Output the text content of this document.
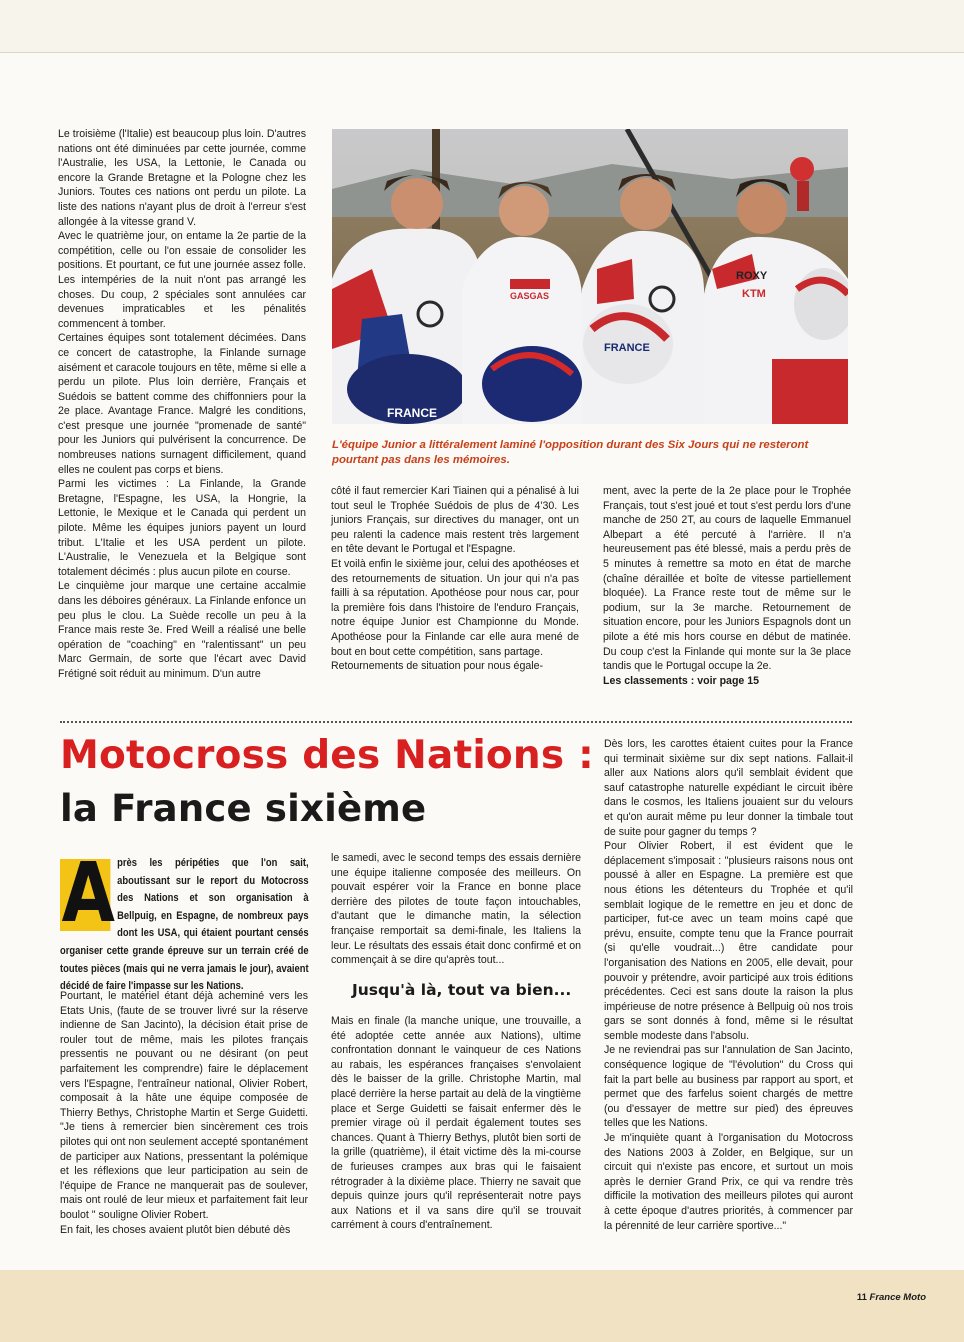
Le troisième (l'Italie) est beaucoup plus loin. D'autres nations ont été diminuées par cette journée, comme l'Australie, les USA, la Lettonie, le Canada ou encore la Grande Bretagne et la Pologne chez les Juniors. Toutes ces nations ont perdu un pilote. La liste des nations n'ayant plus de droit à l'erreur s'est allongée à la vitesse grand V.

Avec le quatrième jour, on entame la 2e partie de la compétition, celle ou l'on essaie de consolider les positions. Et pourtant, ce fut une journée assez folle. Les intempéries de la nuit n'ont pas arrangé les choses. Du coup, 2 spéciales sont annulées car devenues impraticables et les pénalités commencent à tomber.

Certaines équipes sont totalement décimées. Dans ce concert de catastrophe, la Finlande surnage aisément et caracole toujours en tête, même si elle a perdu un pilote. Plus loin derrière, Français et Suédois se battent comme des chiffonniers pour la 2e place. Avantage France. Malgré les conditions, c'est presque une journée "promenade de santé" pour les Juniors qui pulvérisent la concurrence. De nombreuses nations surnagent difficilement, quand elles ne coulent pas corps et biens.

Parmi les victimes : La Finlande, la Grande Bretagne, l'Espagne, les USA, la Hongrie, la Lettonie, le Mexique et le Canada qui perdent un pilote. Même les équipes juniors payent un lourd tribut. L'Italie et les USA perdent un pilote. L'Australie, le Venezuela et la Belgique sont totalement décimés : plus aucun pilote en course.

Le cinquième jour marque une certaine accalmie dans les déboires généraux. La Finlande enfonce un peu plus le clou. La Suède recolle un peu à la France mais reste 3e. Fred Weill a réalisé une belle opération de "coaching" en "ralentissant" un peu Marc Germain, de sorte que l'écart avec David Frétigné soit réduit au minimum. D'un autre

FRANCE
GASGAS
FRANCE
ROXY
KTM
L'équipe Junior a littéralement laminé l'opposition durant des Six Jours qui ne resteront pourtant pas dans les mémoires.

côté il faut remercier Kari Tiainen qui a pénalisé à lui tout seul le Trophée Suédois de plus de 4'30. Les juniors Français, sur directives du manager, ont un peu ralenti la cadence mais restent très largement en tête devant le Portugal et l'Espagne.

Et voilà enfin le sixième jour, celui des apothéoses et des retournements de situation. Un jour qui n'a pas failli à sa réputation. Apothéose pour nous car, pour la première fois dans l'histoire de l'enduro Français, notre équipe Junior est Championne du Monde. Apothéose pour la Finlande car elle aura mené de bout en bout cette compétition, sans partage.

Retournements de situation pour nous égale-

ment, avec la perte de la 2e place pour le Trophée Français, tout s'est joué et tout s'est perdu lors d'une manche de 250 2T, au cours de laquelle Emmanuel Albepart a été percuté à l'arrière. Il n'a heureusement pas été blessé, mais a perdu près de 5 minutes à remettre sa moto en état de marche (chaîne déraillée et boîte de vitesse partiellement bloquée). La France reste tout de même sur le podium, sur la 3e marche. Retournement de situation encore, pour les Juniors Espagnols dont un pilote a été mis hors course en début de matinée. Du coup c'est la Finlande qui monte sur la 3e place tandis que le Portugal occupe la 2e.

Les classements : voir page 15

Motocross des Nations :
la France sixième
A près les péripéties que l'on sait, aboutissant sur le report du Motocross des Nations et son organisation à Bellpuig, en Espagne, de nombreux pays dont les USA, qui étaient pourtant censés organiser cette grande épreuve sur un terrain créé de toutes pièces (mais qui ne verra jamais le jour), avaient décidé de faire l'impasse sur les Nations.

Pourtant, le matériel étant déjà acheminé vers les Etats Unis, (faute de se trouver livré sur la réserve indienne de San Jacinto), la décision était prise de rouler tout de même, mais les pilotes français pressentis ne pouvant ou ne désirant (on peut parfaitement les comprendre) faire le déplacement vers l'Espagne, l'entraîneur national, Olivier Robert, composait à la hâte une équipe composée de Thierry Bethys, Christophe Martin et Serge Guidetti. "Je tiens à remercier bien sincèrement ces trois pilotes qui ont non seulement accepté spontanément de participer aux Nations, pressentant la polémique et les réflexions que leur participation au sein de l'équipe de France ne manquerait pas de soulever, mais ont roulé de leur mieux et parfaitement fait leur boulot " souligne Olivier Robert.

En fait, les choses avaient plutôt bien débuté dès

le samedi, avec le second temps des essais dernière une équipe italienne composée des meilleurs. On pouvait espérer voir la France en bonne place derrière des pilotes de toute façon intouchables, d'autant que le dimanche matin, la sélection française remportait sa demi-finale, les Italiens la leur. Le résultats des essais était donc confirmé et on commençait à se dire qu'après tout...

Jusqu'à là, tout va bien...

Mais en finale (la manche unique, une trouvaille, a été adoptée cette année aux Nations), ultime confrontation donnant le vainqueur de ces Nations au rabais, les espérances françaises s'envolaient dès le baisser de la grille. Christophe Martin, mal placé derrière la herse partait au delà de la vingtième place et Serge Guidetti se faisait enfermer dès le premier virage où il perdait également toutes ses chances. Quant à Thierry Bethys, plutôt bien sorti de la grille (quatrième), il était victime dès la mi-course de furieuses crampes aux bras qui le faisaient rétrograder à la dixième place. Thierry ne savait que depuis quinze jours qu'il représenterait notre pays aux Nations et il va sans dire qu'il se trouvait carrément à cours d'entraînement.

Dès lors, les carottes étaient cuites pour la France qui terminait sixième sur dix sept nations. Fallait-il aller aux Nations alors qu'il semblait évident que sauf catastrophe naturelle expédiant le circuit ibère dans le cosmos, les Italiens jouaient sur du velours et qu'on aurait même pu leur donner la timbale tout de suite pour gagner du temps ?

Pour Olivier Robert, il est évident que le déplacement s'imposait : "plusieurs raisons nous ont poussé à aller en Espagne. La première est que nous étions les détenteurs du Trophée et qu'il semblait logique de le remettre en jeu et donc de participer, fut-ce avec un team moins capé que prévu, ensuite, compte tenu que la France pourrait (si qu'elle voudrait...) être candidate pour l'organisation des Nations en 2005, elle devait, pour pouvoir y prétendre, avoir participé aux trois éditions précédentes. Ceci est sans doute la raison la plus impérieuse de notre présence à Bellpuig où nos trois gars se sont donnés à fond, même si le résultat semble modeste dans l'absolu.

Je ne reviendrai pas sur l'annulation de San Jacinto, conséquence logique de "l'évolution" du Cross qui fait la part belle au business par rapport au sport, et permet que des farfelus soient chargés de mettre (ou d'essayer de mettre sur pied) des épreuves telles que les Nations.

Je m'inquiète quant à l'organisation du Motocross des Nations 2003 à Zolder, en Belgique, sur un circuit qui n'existe pas encore, et surtout un mois après le dernier Grand Prix, ce qui va rendre très difficile la motivation des meilleurs pilotes qui auront à cette époque d'autres priorités, à commencer par la pérennité de leur carrière sportive..."

11 France Moto
